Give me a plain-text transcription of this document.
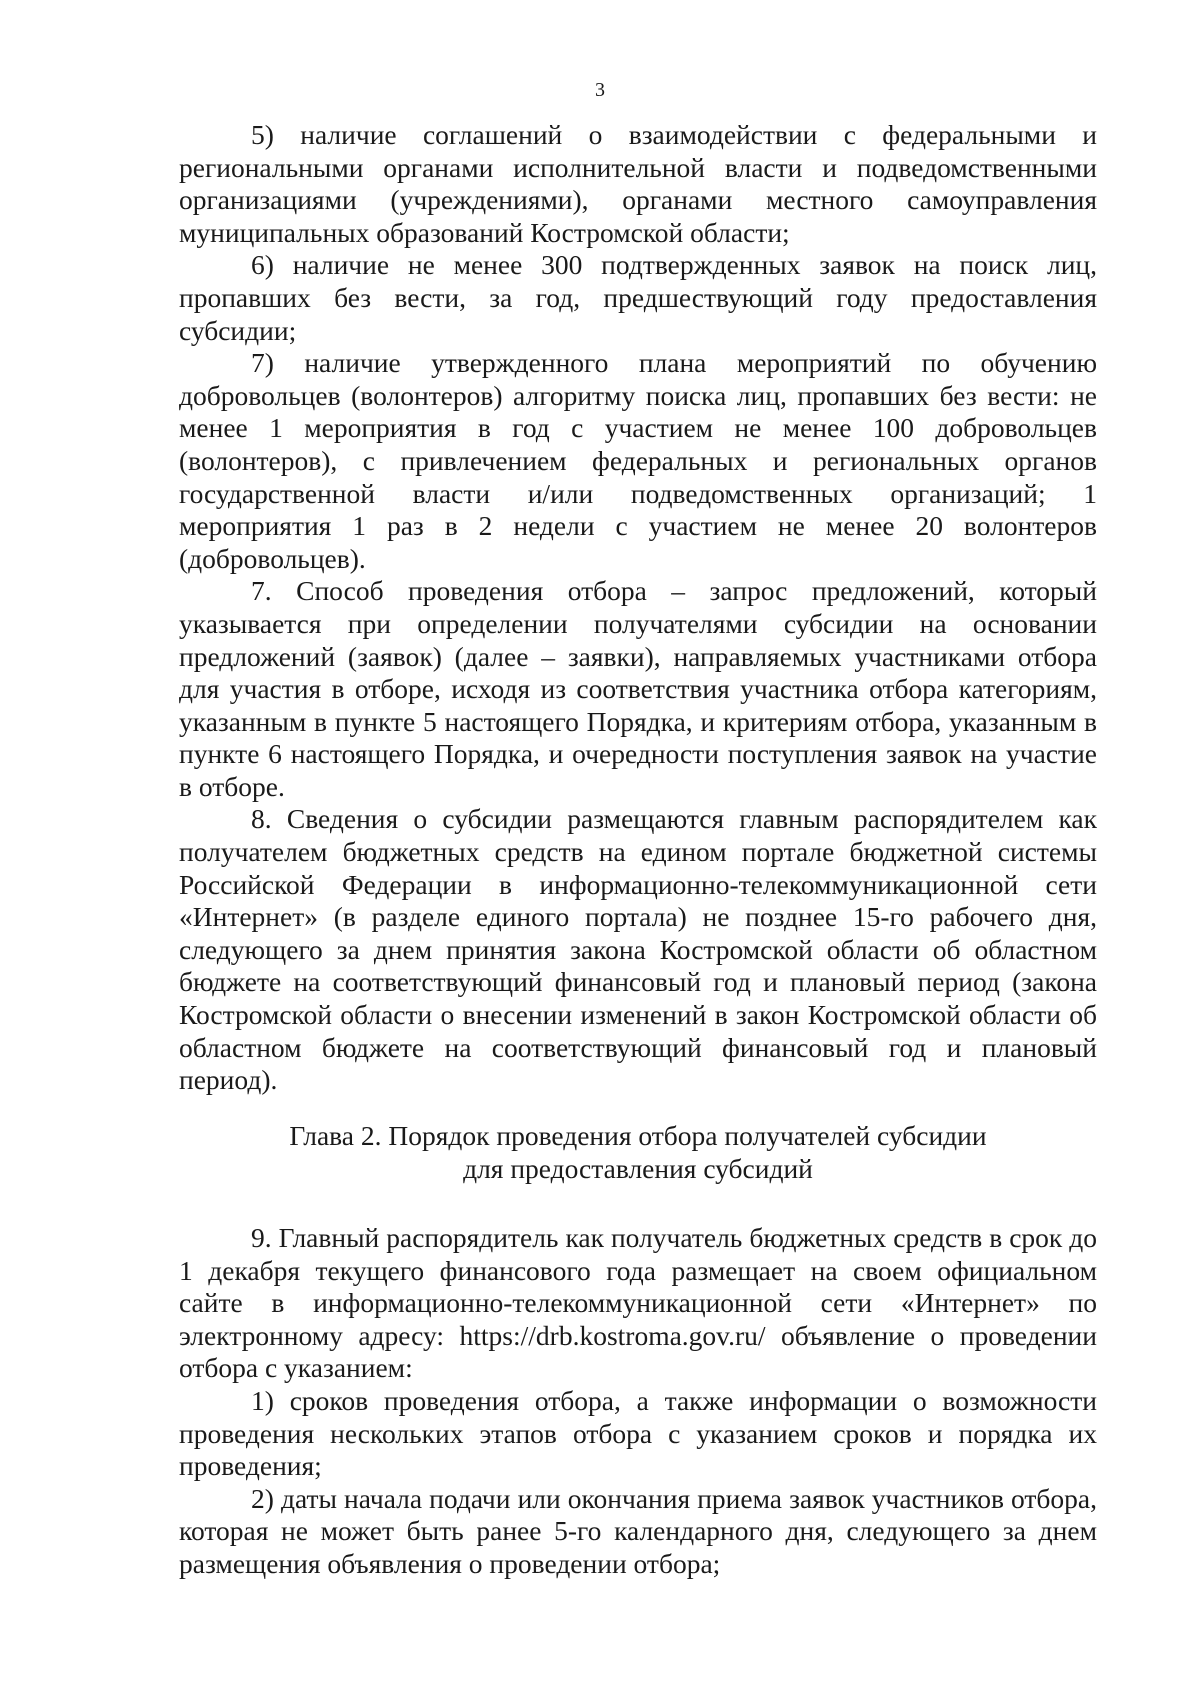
3

5) наличие соглашений о взаимодействии с федеральными и региональными органами исполнительной власти и подведомственными организациями (учреждениями), органами местного самоуправления муниципальных образований Костромской области;

6) наличие не менее 300 подтвержденных заявок на поиск лиц, пропавших без вести, за год, предшествующий году предоставления субсидии;

7) наличие утвержденного плана мероприятий по обучению добровольцев (волонтеров) алгоритму поиска лиц, пропавших без вести: не менее 1 мероприятия в год с участием не менее 100 добровольцев (волонтеров), с привлечением федеральных и региональных органов государственной власти и/или подведомственных организаций; 1 мероприятия 1 раз в 2 недели с участием не менее 20 волонтеров (добровольцев).

7. Способ проведения отбора – запрос предложений, который указывается при определении получателями субсидии на основании предложений (заявок) (далее – заявки), направляемых участниками отбора для участия в отборе, исходя из соответствия участника отбора категориям, указанным в пункте 5 настоящего Порядка, и критериям отбора, указанным в пункте 6 настоящего Порядка, и очередности поступления заявок на участие в отборе.

8. Сведения о субсидии размещаются главным распорядителем как получателем бюджетных средств на едином портале бюджетной системы Российской Федерации в информационно-телекоммуникационной сети «Интернет» (в разделе единого портала) не позднее 15-го рабочего дня, следующего за днем принятия закона Костромской области об областном бюджете на соответствующий финансовый год и плановый период (закона Костромской области о внесении изменений в закон Костромской области об областном бюджете на соответствующий финансовый год и плановый период).

Глава 2. Порядок проведения отбора получателей субсидии
для предоставления субсидий

9. Главный распорядитель как получатель бюджетных средств в срок до 1 декабря текущего финансового года размещает на своем официальном сайте в информационно-телекоммуникационной сети «Интернет» по электронному адресу: https://drb.kostroma.gov.ru/ объявление о проведении отбора с указанием:

1) сроков проведения отбора, а также информации о возможности проведения нескольких этапов отбора с указанием сроков и порядка их проведения;

2) даты начала подачи или окончания приема заявок участников отбора, которая не может быть ранее 5-го календарного дня, следующего за днем размещения объявления о проведении отбора;
